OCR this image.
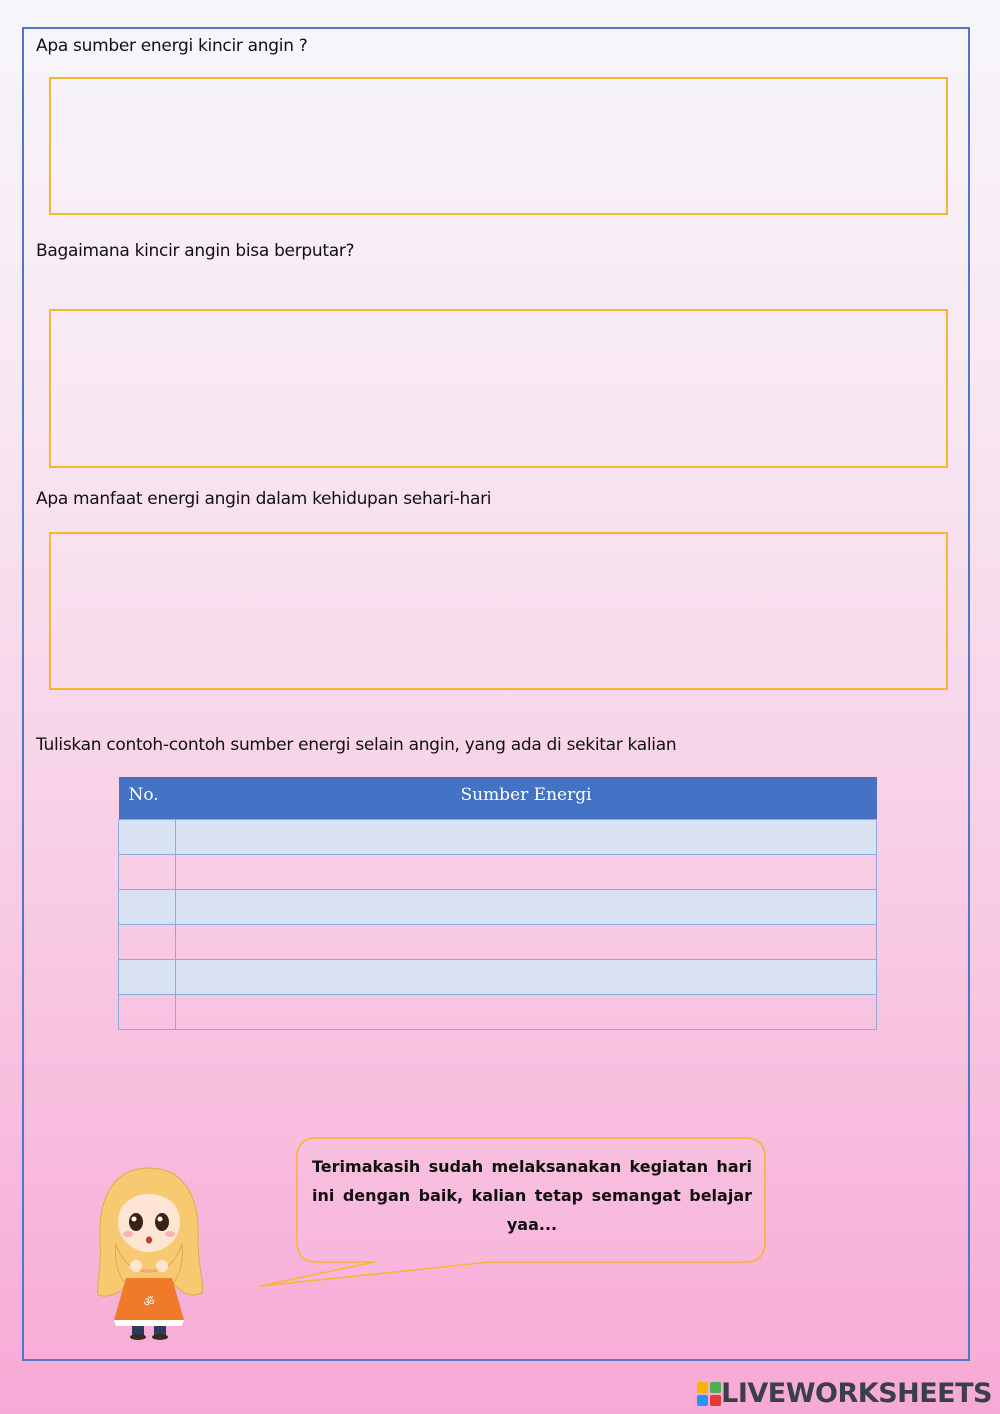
Apa sumber energi kincir angin ?

Bagaimana kincir angin bisa berputar?

Apa manfaat energi angin dalam kehidupan sehari-hari

Tuliskan contoh-contoh sumber energi selain angin, yang ada di sekitar kalian

No.	Sumber Energi

Terimakasih sudah melaksanakan kegiatan hari ini dengan baik, kalian tetap semangat belajar yaa...

ॐ
LIVEWORKSHEETS
